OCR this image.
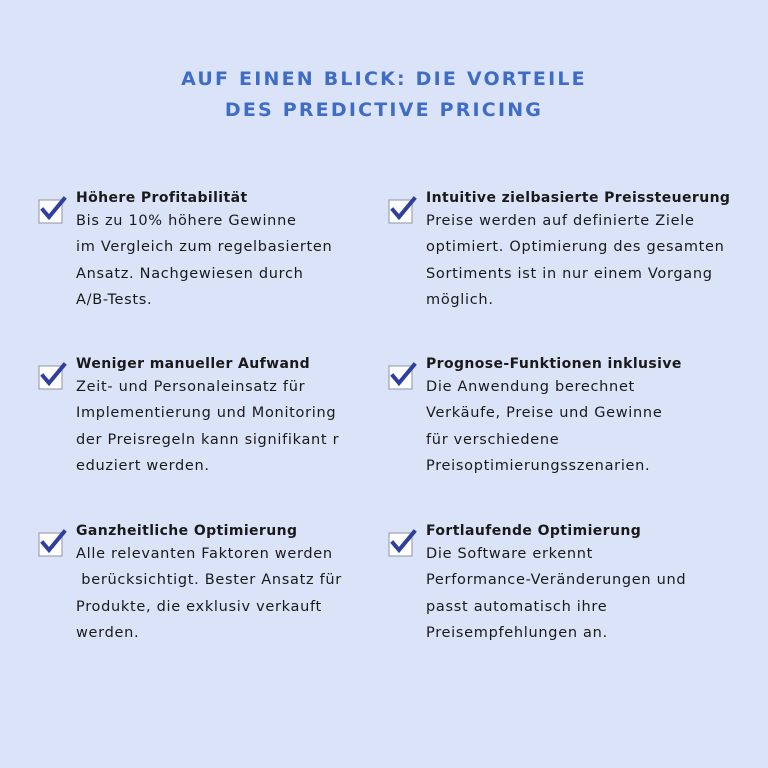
AUF EINEN BLICK: DIE VORTEILE
DES PREDICTIVE PRICING
Höhere Profitabilität
Bis zu 10% höhere Gewinne
im Vergleich zum regelbasierten
Ansatz. Nachgewiesen durch
A/B-Tests.
Intuitive zielbasierte Preissteuerung
Preise werden auf definierte Ziele
optimiert. Optimierung des gesamten
Sortiments ist in nur einem Vorgang
möglich.
Weniger manueller Aufwand
Zeit- und Personaleinsatz für
Implementierung und Monitoring
der Preisregeln kann signifikant r
eduziert werden.
Prognose-Funktionen inklusive
Die Anwendung berechnet
Verkäufe, Preise und Gewinne
für verschiedene
Preisoptimierungsszenarien.
Ganzheitliche Optimierung
Alle relevanten Faktoren werden
berücksichtigt. Bester Ansatz für
Produkte, die exklusiv verkauft
werden.
Fortlaufende Optimierung
Die Software erkennt
Performance-Veränderungen und
passt automatisch ihre
Preisempfehlungen an.
